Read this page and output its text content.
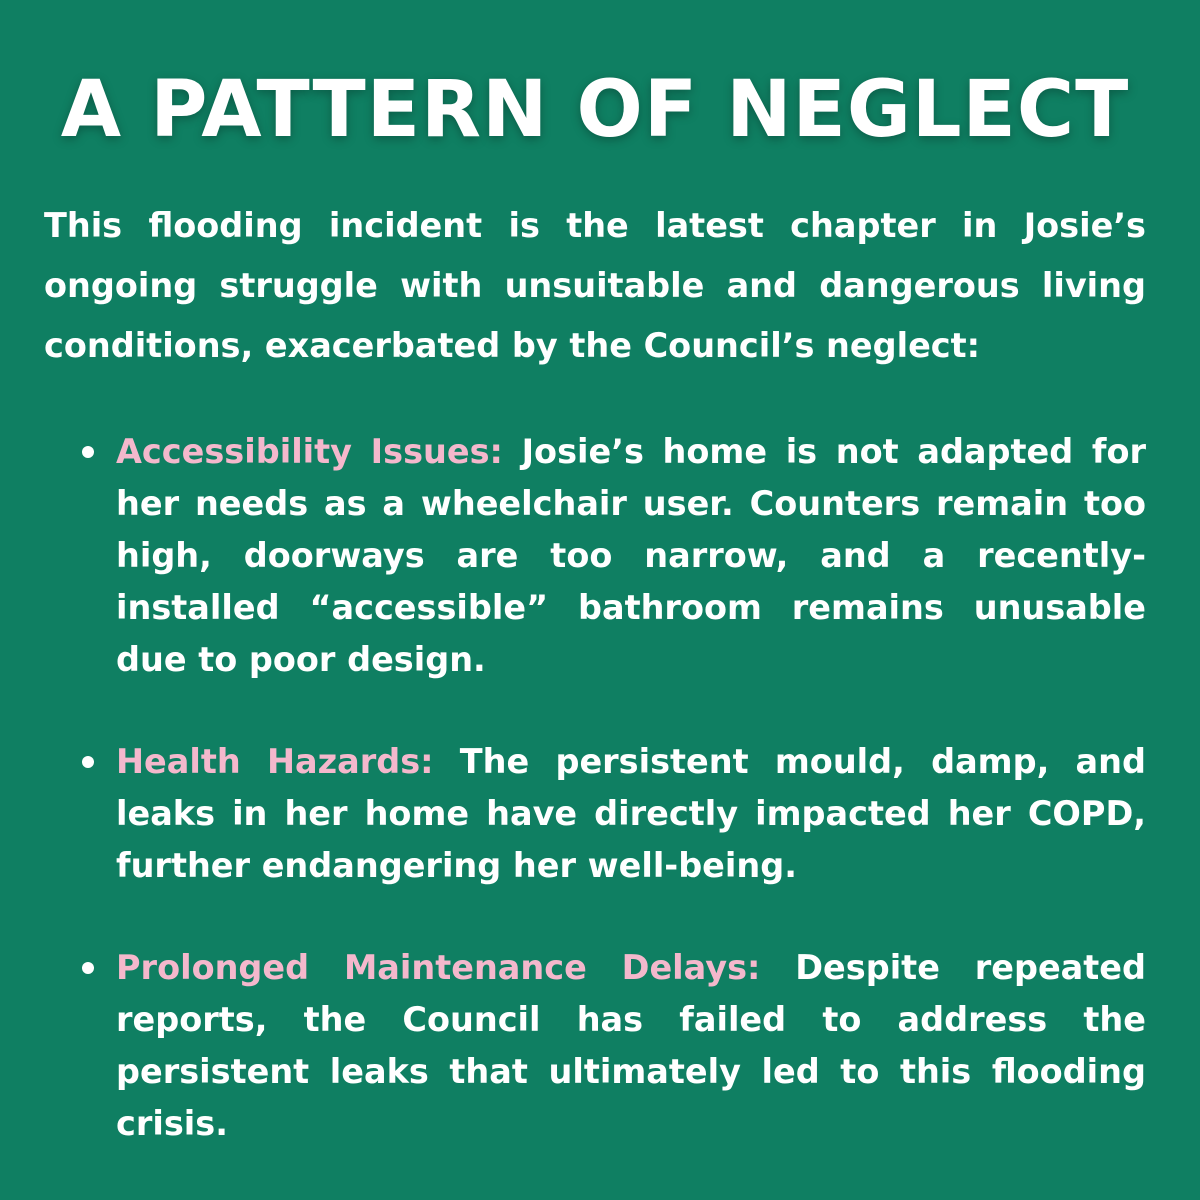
A PATTERN OF NEGLECT

This flooding incident is the latest chapter in Josie’s ongoing struggle with unsuitable and dangerous living conditions, exacerbated by the Council’s neglect:

Accessibility Issues: Josie’s home is not adapted for her needs as a wheelchair user. Counters remain too high, doorways are too narrow, and a recently-installed “accessible” bathroom remains unusable due to poor design.
Health Hazards: The persistent mould, damp, and leaks in her home have directly impacted her COPD, further endangering her well-being.
Prolonged Maintenance Delays: Despite repeated reports, the Council has failed to address the persistent leaks that ultimately led to this flooding crisis.
